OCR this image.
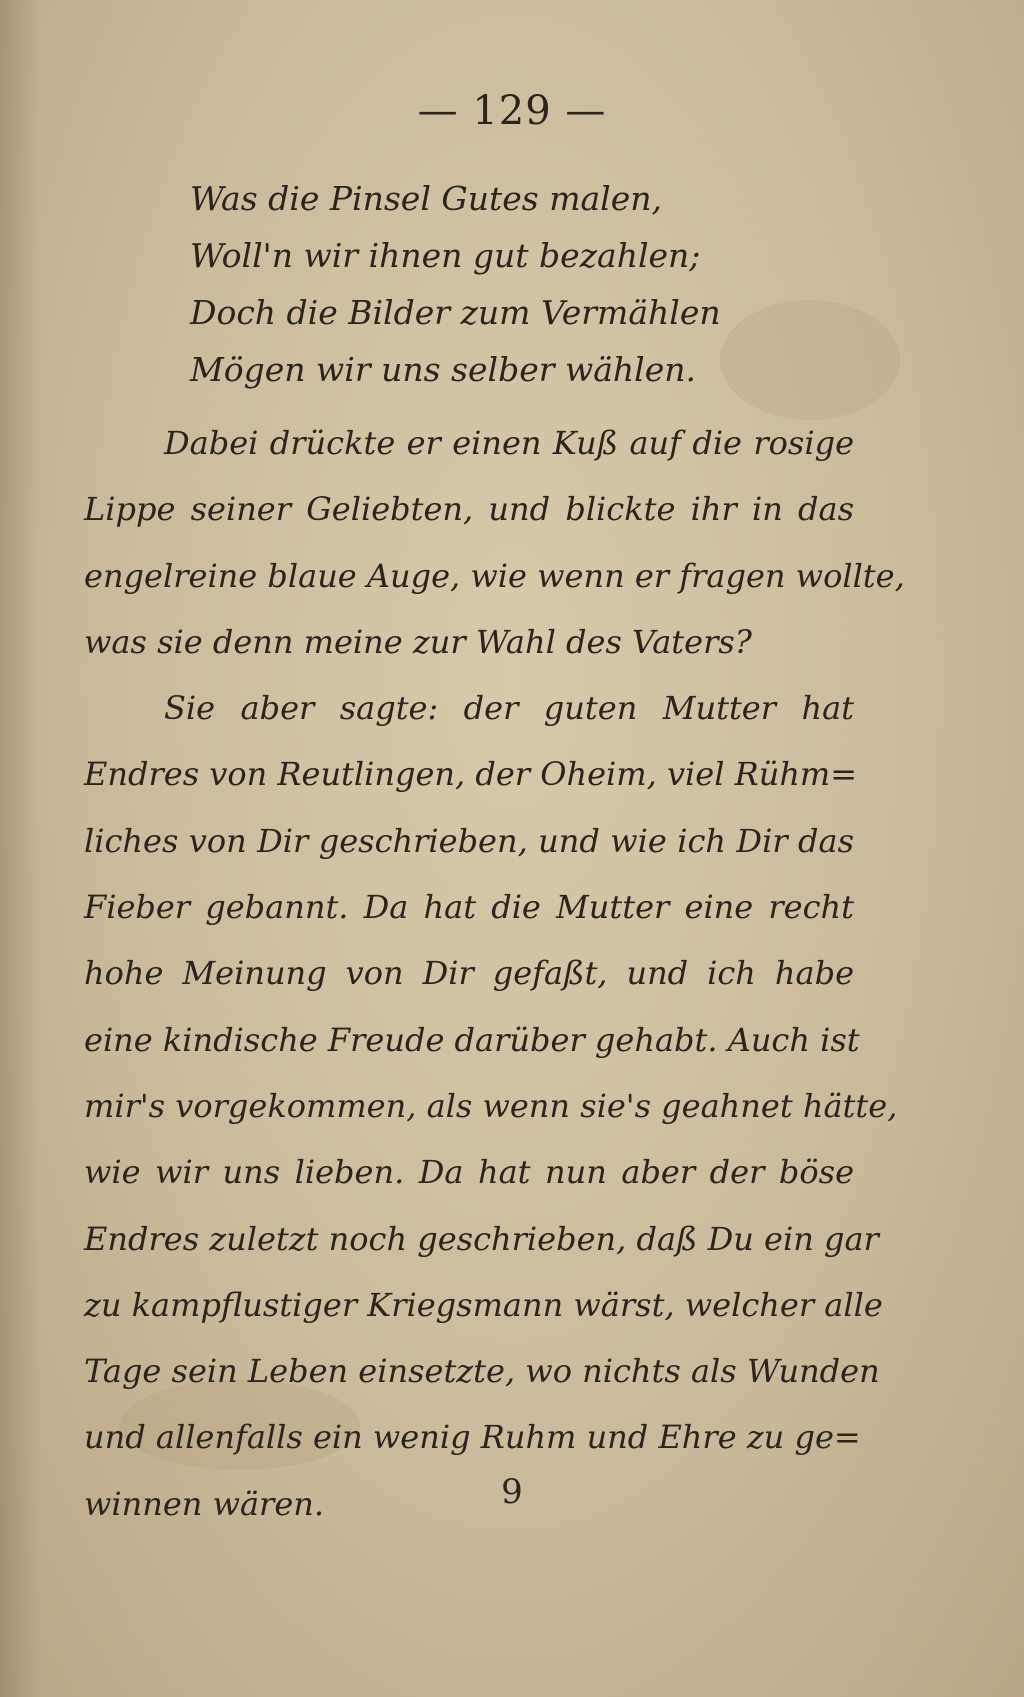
— 129 —
Was die Pinsel Gutes malen,
Woll'n wir ihnen gut bezahlen;
Doch die Bilder zum Vermählen
Mögen wir uns selber wählen.
Dabei drückte er einen Kuß auf die rosige
Lippe seiner Geliebten, und blickte ihr in das
engelreine blaue Auge, wie wenn er fragen wollte,
was sie denn meine zur Wahl des Vaters?
Sie aber sagte: der guten Mutter hat
Endres von Reutlingen, der Oheim, viel Rühm=
liches von Dir geschrieben, und wie ich Dir das
Fieber gebannt. Da hat die Mutter eine recht
hohe Meinung von Dir gefaßt, und ich habe
eine kindische Freude darüber gehabt. Auch ist
mir's vorgekommen, als wenn sie's geahnet hätte,
wie wir uns lieben. Da hat nun aber der böse
Endres zuletzt noch geschrieben, daß Du ein gar
zu kampflustiger Kriegsmann wärst, welcher alle
Tage sein Leben einsetzte, wo nichts als Wunden
und allenfalls ein wenig Ruhm und Ehre zu ge=
winnen wären.	9
